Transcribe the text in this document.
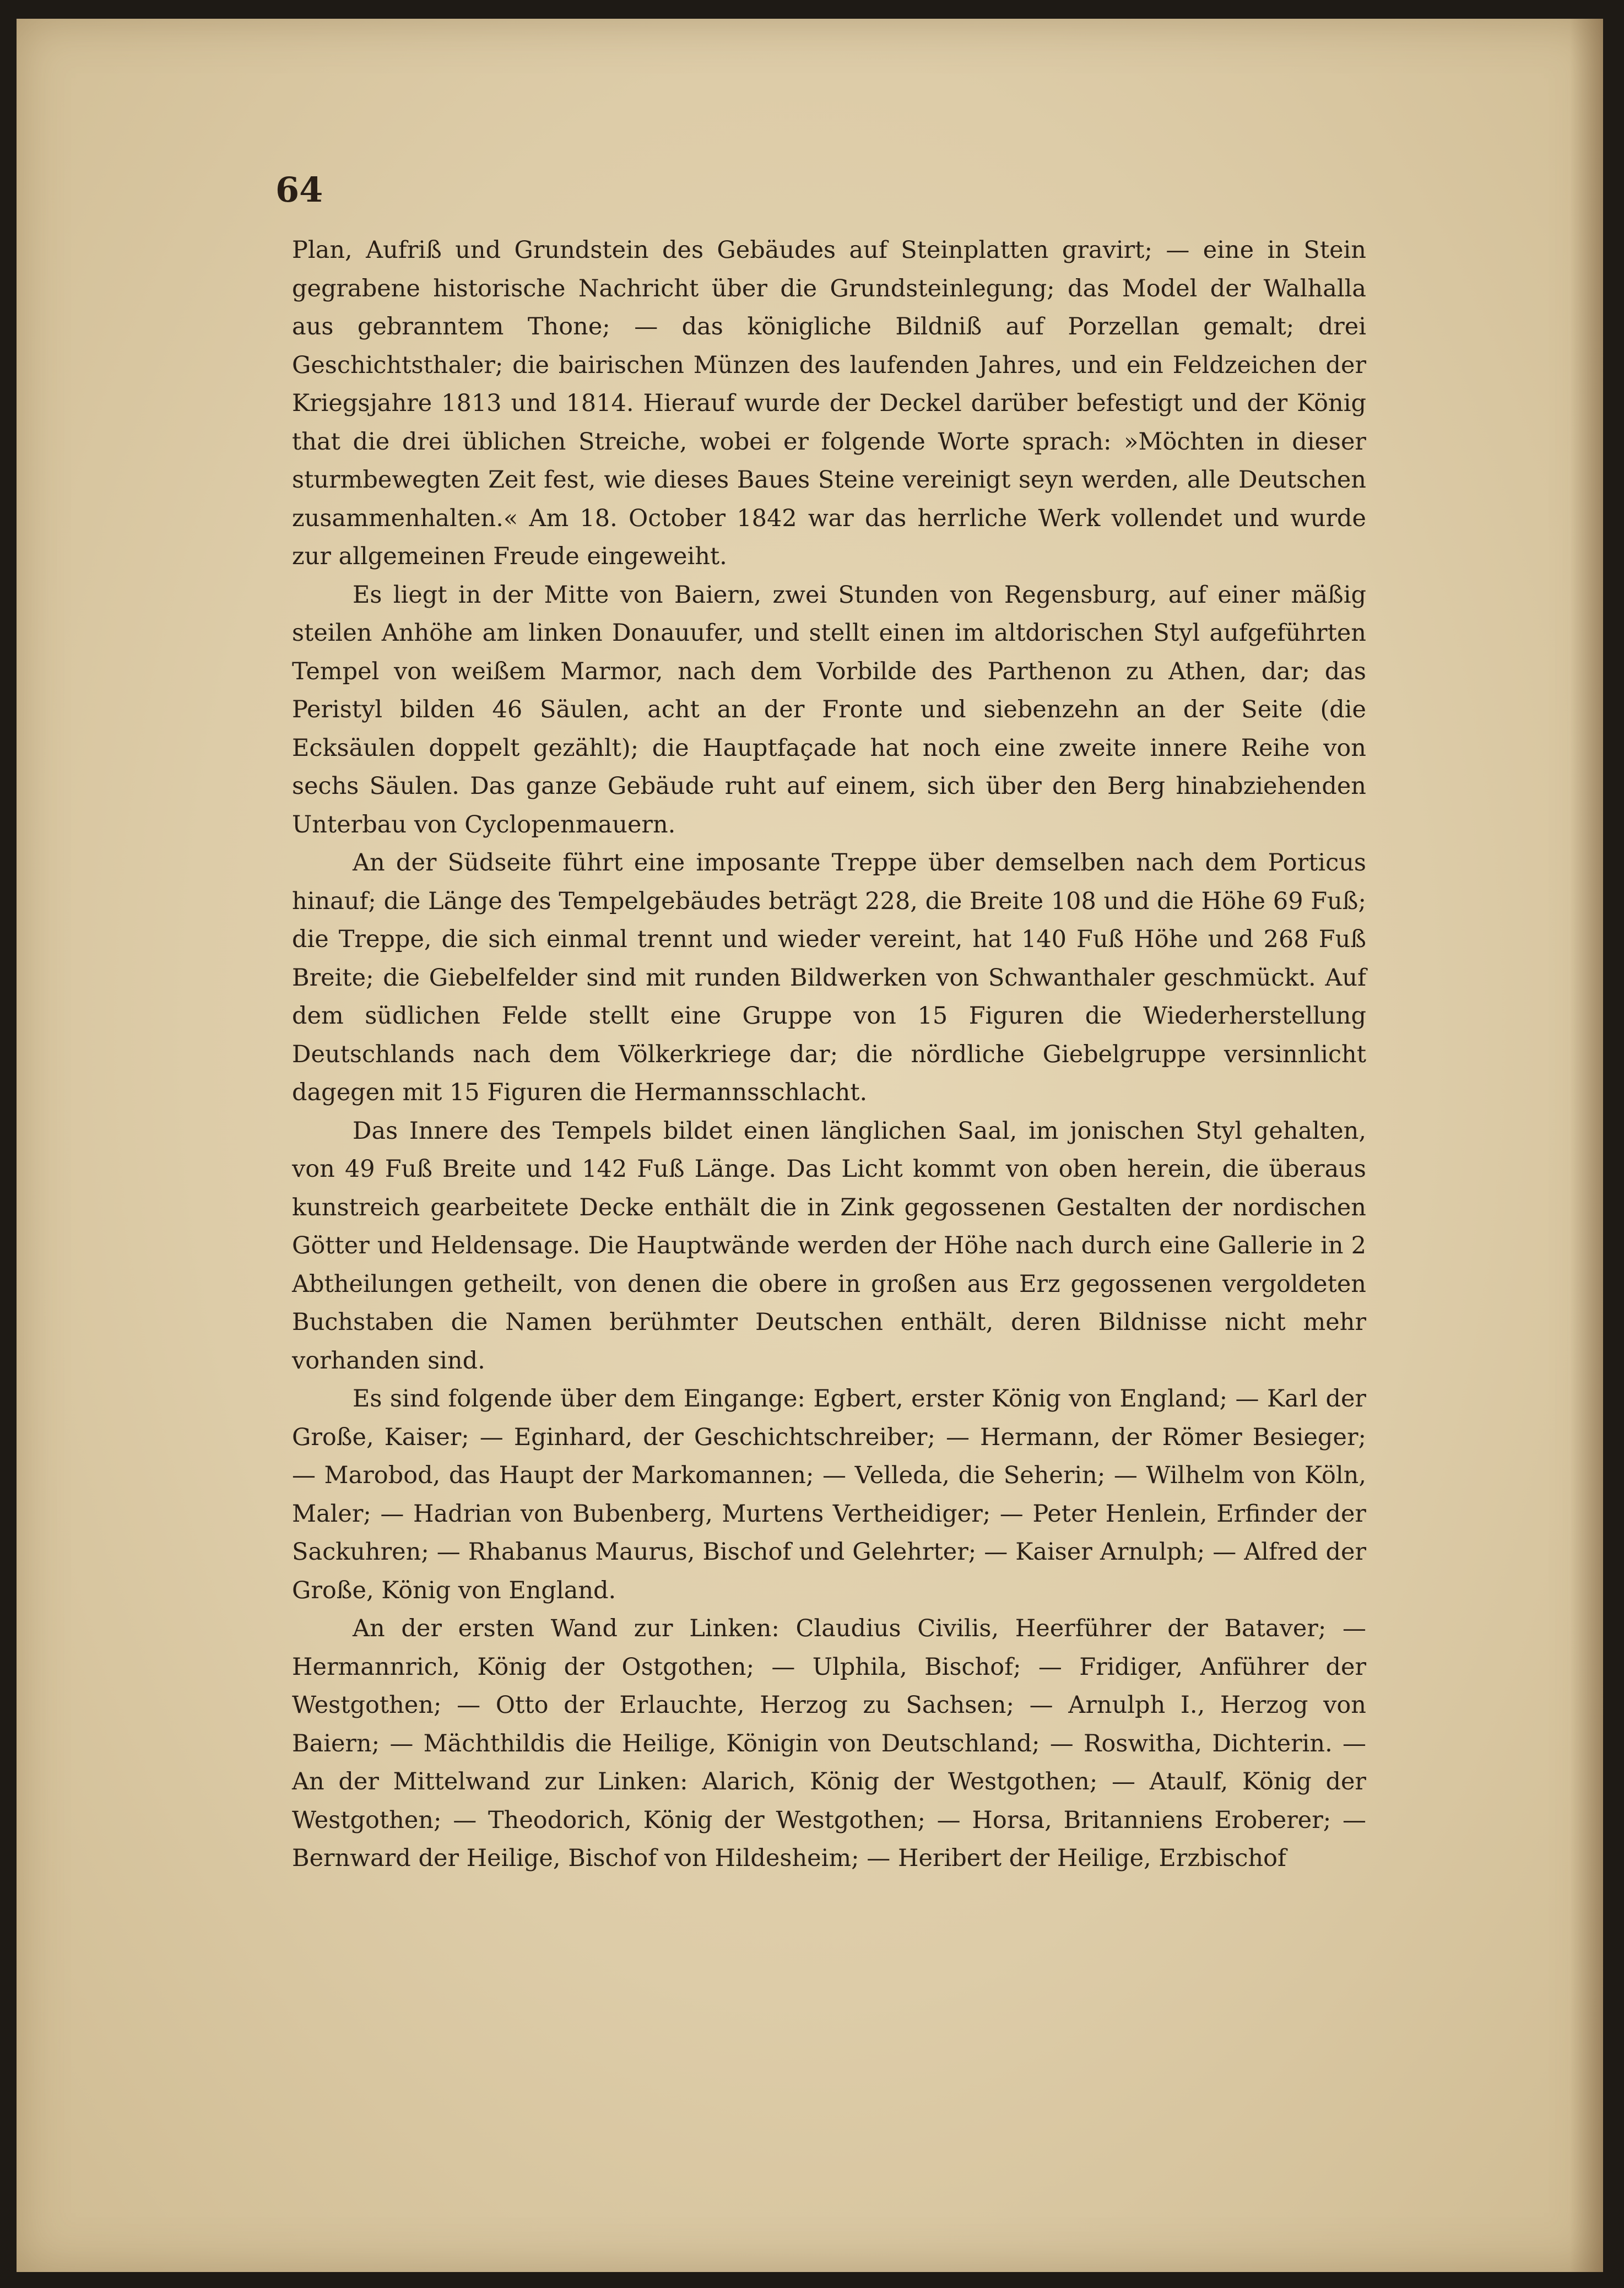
64

Plan, Aufriß und Grundstein des Gebäudes auf Steinplatten gravirt; — eine in Stein gegrabene historische Nachricht über die Grundsteinlegung; das Model der Walhalla aus gebranntem Thone; — das königliche Bildniß auf Porzellan gemalt; drei Geschichtsthaler; die bairischen Münzen des laufenden Jahres, und ein Feldzeichen der Kriegsjahre 1813 und 1814. Hierauf wurde der Deckel darüber befestigt und der König that die drei üblichen Streiche, wobei er folgende Worte sprach: »Möchten in dieser sturmbewegten Zeit fest, wie dieses Baues Steine vereinigt seyn werden, alle Deutschen zusammenhalten.« Am 18. October 1842 war das herrliche Werk vollendet und wurde zur allgemeinen Freude eingeweiht.

Es liegt in der Mitte von Baiern, zwei Stunden von Regensburg, auf einer mäßig steilen Anhöhe am linken Donauufer, und stellt einen im altdorischen Styl aufgeführten Tempel von weißem Marmor, nach dem Vorbilde des Parthenon zu Athen, dar; das Peristyl bilden 46 Säulen, acht an der Fronte und siebenzehn an der Seite (die Ecksäulen doppelt gezählt); die Hauptfaçade hat noch eine zweite innere Reihe von sechs Säulen. Das ganze Gebäude ruht auf einem, sich über den Berg hinabziehenden Unterbau von Cyclopenmauern.

An der Südseite führt eine imposante Treppe über demselben nach dem Porticus hinauf; die Länge des Tempelgebäudes beträgt 228, die Breite 108 und die Höhe 69 Fuß; die Treppe, die sich einmal trennt und wieder vereint, hat 140 Fuß Höhe und 268 Fuß Breite; die Giebelfelder sind mit runden Bildwerken von Schwanthaler geschmückt. Auf dem südlichen Felde stellt eine Gruppe von 15 Figuren die Wiederherstellung Deutschlands nach dem Völkerkriege dar; die nördliche Giebelgruppe versinnlicht dagegen mit 15 Figuren die Hermannsschlacht.

Das Innere des Tempels bildet einen länglichen Saal, im jonischen Styl gehalten, von 49 Fuß Breite und 142 Fuß Länge. Das Licht kommt von oben herein, die überaus kunstreich gearbeitete Decke enthält die in Zink gegossenen Gestalten der nordischen Götter und Heldensage. Die Hauptwände werden der Höhe nach durch eine Gallerie in 2 Abtheilungen getheilt, von denen die obere in großen aus Erz gegossenen vergoldeten Buchstaben die Namen berühmter Deutschen enthält, deren Bildnisse nicht mehr vorhanden sind.

Es sind folgende über dem Eingange: Egbert, erster König von England; — Karl der Große, Kaiser; — Eginhard, der Geschichtschreiber; — Hermann, der Römer Besieger; — Marobod, das Haupt der Markomannen; — Velleda, die Seherin; — Wilhelm von Köln, Maler; — Hadrian von Bubenberg, Murtens Vertheidiger; — Peter Henlein, Erfinder der Sackuhren; — Rhabanus Maurus, Bischof und Gelehrter; — Kaiser Arnulph; — Alfred der Große, König von England.

An der ersten Wand zur Linken: Claudius Civilis, Heerführer der Bataver; — Hermannrich, König der Ostgothen; — Ulphila, Bischof; — Fridiger, Anführer der Westgothen; — Otto der Erlauchte, Herzog zu Sachsen; — Arnulph I., Herzog von Baiern; — Mächthildis die Heilige, Königin von Deutschland; — Roswitha, Dichterin. — An der Mittelwand zur Linken: Alarich, König der Westgothen; — Ataulf, König der Westgothen; — Theodorich, König der Westgothen; — Horsa, Britanniens Eroberer; — Bernward der Heilige, Bischof von Hildesheim; — Heribert der Heilige, Erzbischof
